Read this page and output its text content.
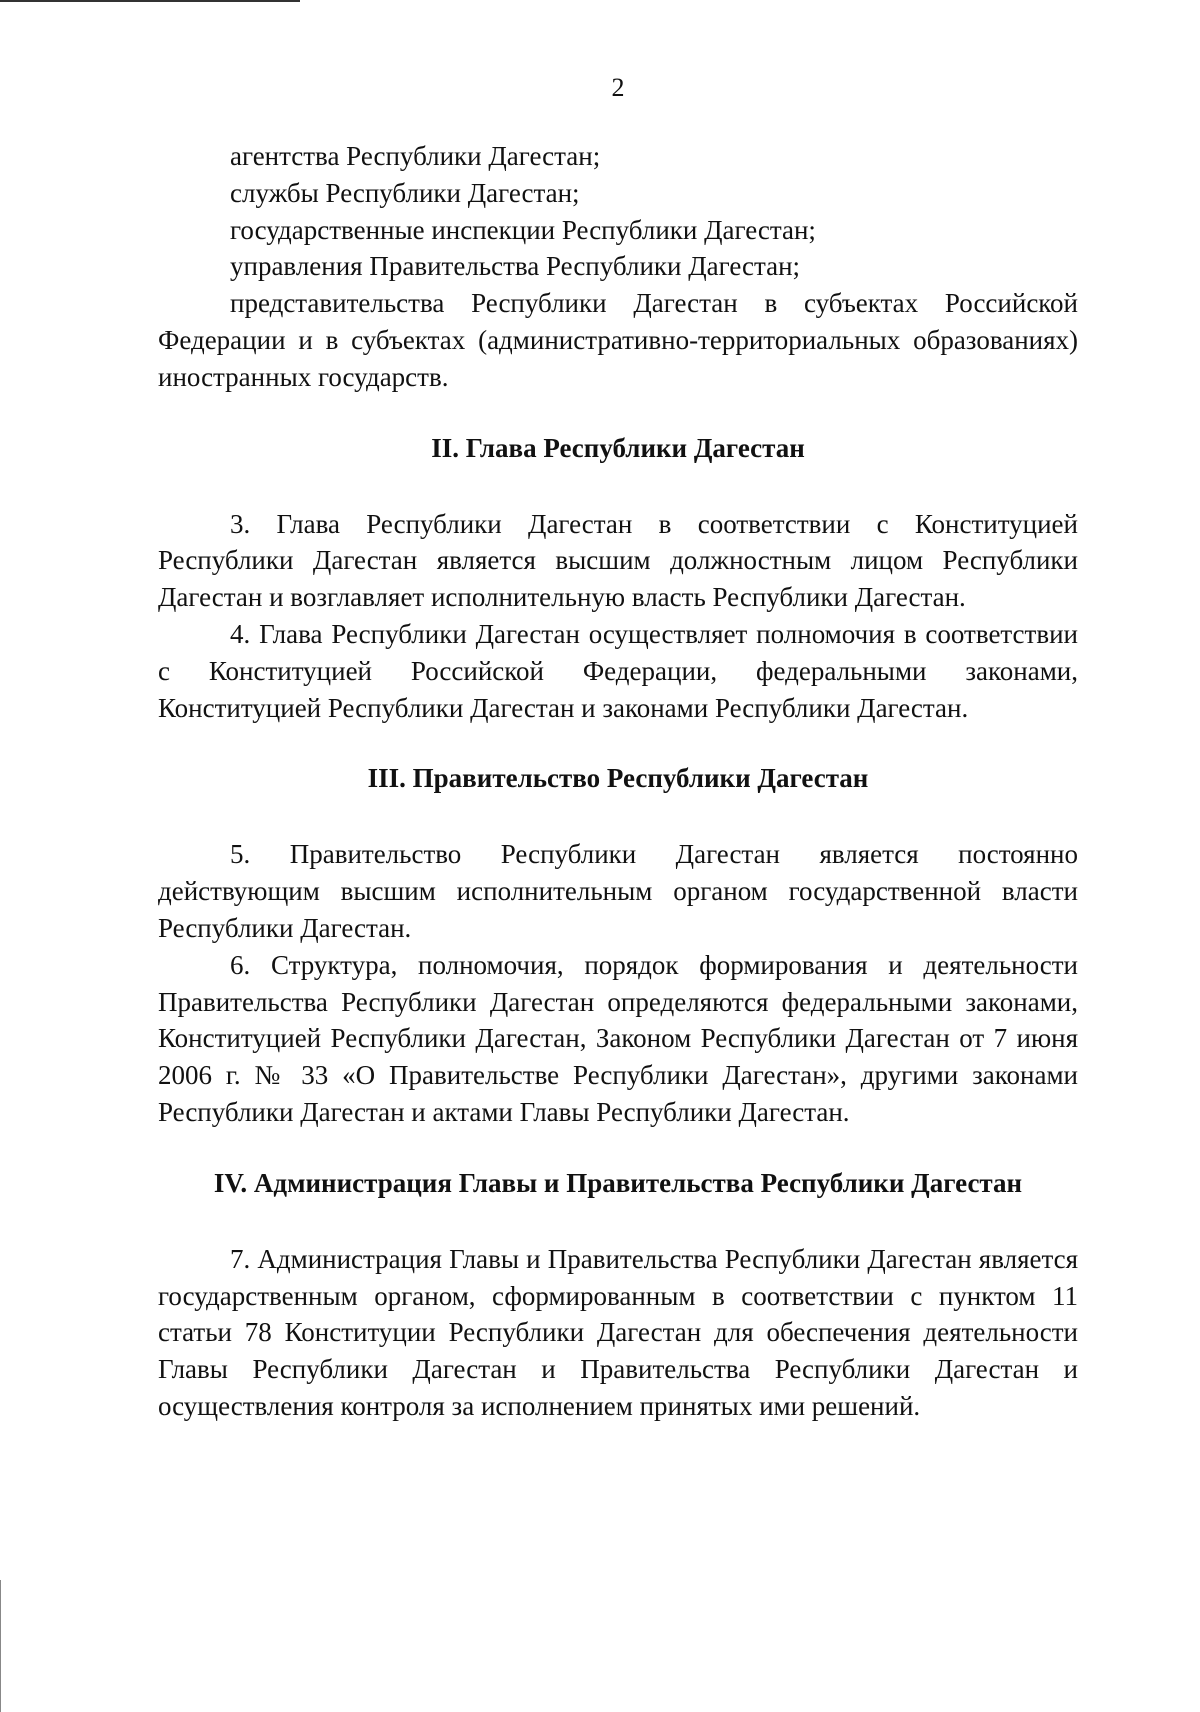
2

агентства Республики Дагестан;

службы Республики Дагестан;

государственные инспекции Республики Дагестан;

управления Правительства Республики Дагестан;

представительства Республики Дагестан в субъектах Российской Федерации и в субъектах (административно-территориальных образованиях) иностранных государств.

II. Глава Республики Дагестан

3. Глава Республики Дагестан в соответствии с Конституцией Республики Дагестан является высшим должностным лицом Республики Дагестан и возглавляет исполнительную власть Республики Дагестан.

4. Глава Республики Дагестан осуществляет полномочия в соответствии с Конституцией Российской Федерации, федеральными законами, Конституцией Республики Дагестан и законами Республики Дагестан.

III. Правительство Республики Дагестан

5. Правительство Республики Дагестан является постоянно действующим высшим исполнительным органом государственной власти Республики Дагестан.

6. Структура, полномочия, порядок формирования и деятельности Правительства Республики Дагестан определяются федеральными законами, Конституцией Республики Дагестан, Законом Республики Дагестан от 7 июня 2006 г. № 33 «О Правительстве Республики Дагестан», другими законами Республики Дагестан и актами Главы Республики Дагестан.

IV. Администрация Главы и Правительства Республики Дагестан

7. Администрация Главы и Правительства Республики Дагестан является государственным органом, сформированным в соответствии с пунктом 11 статьи 78 Конституции Республики Дагестан для обеспечения деятельности Главы Республики Дагестан и Правительства Республики Дагестан и осуществления контроля за исполнением принятых ими решений.
